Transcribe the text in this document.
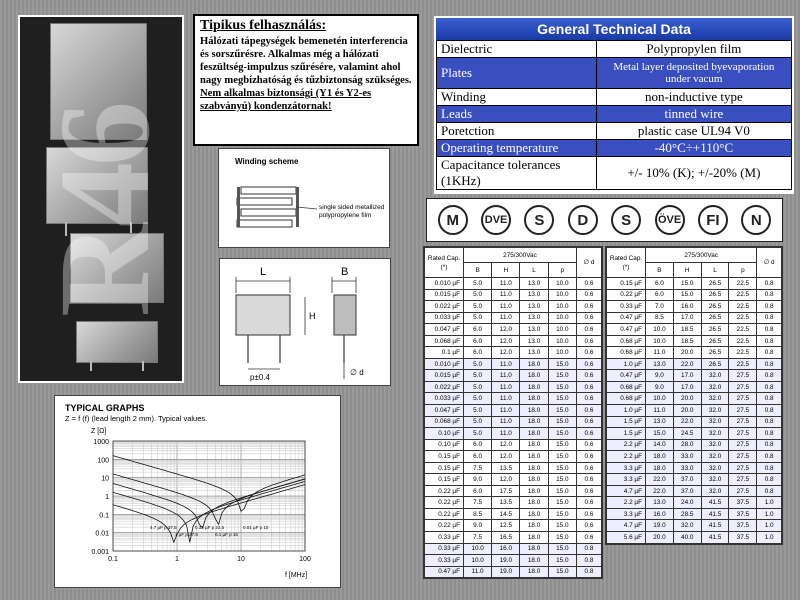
R46
Tipikus felhasználás:
Hálózati tápegységek bemenetén interferencia és sorszűrésre. Alkalmas még a hálózati feszültség-impulzus szűrésére, valamint ahol nagy megbízhatóság és tűzbiztonság szükséges.
Nem alkalmas biztonsági (Y1 és Y2-es szabványú) kondenzátornak!
General Technical Data
Dielectric	Polypropylen film
Plates	Metal layer deposited byevaporation under vacum
Winding	non-inductive type
Leads	tinned wire
Poretction	plastic case UL94 V0
Operating temperature	-40°C÷+110°C
Capacitance tolerances (1KHz)	+/- 10% (K); +/-20% (M)
M	DVE	S	D	S	ÖVE	FI	N
Winding scheme
single sided metallized polypropylene film
L	B
H
p±0.4
∅ d
TYPICAL GRAPHS
Z = f (f) (lead length 2 mm). Typical values.
Z [Ω]
f [MHz]
1000
100
10
1
0.1
0.01
0.001
0.1	1	10	100
4.7 µF p 37.5
1 µF p 27.5
0.33 µF p 22.5
0.1 µF p 15
0.01 µF p 10
Rated Cap. (*)	275/300Vac				∅ d
	B	H	L	p	
0.010 µF	5.0	11.0	13.0	10.0	0.6
0.015 µF	5.0	11.0	13.0	10.0	0.6
0.022 µF	5.0	11.0	13.0	10.0	0.6
0.033 µF	5.0	11.0	13.0	10.0	0.6
0.047 µF	6.0	12.0	13.0	10.0	0.6
0.068 µF	6.0	12.0	13.0	10.0	0.6
0.1 µF	6.0	12.0	13.0	10.0	0.6
0.010 µF	5.0	11.0	18.0	15.0	0.6
0.015 µF	5.0	11.0	18.0	15.0	0.6
0.022 µF	5.0	11.0	18.0	15.0	0.6
0.033 µF	5.0	11.0	18.0	15.0	0.6
0.047 µF	5.0	11.0	18.0	15.0	0.6
0.068 µF	5.0	11.0	18.0	15.0	0.6
0.10 µF	5.0	11.0	18.0	15.0	0.6
0.10 µF	6.0	12.0	18.0	15.0	0.6
0.15 µF	6.0	12.0	18.0	15.0	0.6
0.15 µF	7.5	13.5	18.0	15.0	0.6
0.15 µF	9.0	12.0	18.0	15.0	0.6
0.22 µF	6.0	17.5	18.0	15.0	0.6
0.22 µF	7.5	13.5	18.0	15.0	0.6
0.22 µF	8.5	14.5	18.0	15.0	0.6
0.22 µF	9.0	12.5	18.0	15.0	0.6
0.33 µF	7.5	16.5	18.0	15.0	0.6
0.33 µF	10.0	16.0	18.0	15.0	0.8
0.33 µF	10.0	19.0	18.0	15.0	0.8
0.47 µF	11.0	19.0	18.0	15.0	0.8
Rated Cap. (*)	275/300Vac				∅ d
	B	H	L	p	
0.15 µF	6.0	15.0	26.5	22.5	0.8
0.22 µF	6.0	15.0	26.5	22.5	0.8
0.33 µF	7.0	16.0	26.5	22.5	0.8
0.47 µF	8.5	17.0	26.5	22.5	0.8
0.47 µF	10.0	18.5	26.5	22.5	0.8
0.68 µF	10.0	18.5	26.5	22.5	0.8
0.68 µF	11.0	20.0	26.5	22.5	0.8
1.0 µF	13.0	22.0	26.5	22.5	0.8
0.47 µF	9.0	17.0	32.0	27.5	0.8
0.68 µF	9.0	17.0	32.0	27.5	0.8
0.68 µF	10.0	20.0	32.0	27.5	0.8
1.0 µF	11.0	20.0	32.0	27.5	0.8
1.5 µF	13.0	22.0	32.0	27.5	0.8
1.5 µF	15.0	24.5	32.0	27.5	0.8
2.2 µF	14.0	28.0	32.0	27.5	0.8
2.2 µF	18.0	33.0	32.0	27.5	0.8
3.3 µF	18.0	33.0	32.0	27.5	0.8
3.3 µF	22.0	37.0	32.0	27.5	0.8
4.7 µF	22.0	37.0	32.0	27.5	0.8
2.2 µF	13.0	24.0	41.5	37.5	1.0
3.3 µF	16.0	28.5	41.5	37.5	1.0
4.7 µF	19.0	32.0	41.5	37.5	1.0
5.6 µF	20.0	40.0	41.5	37.5	1.0
